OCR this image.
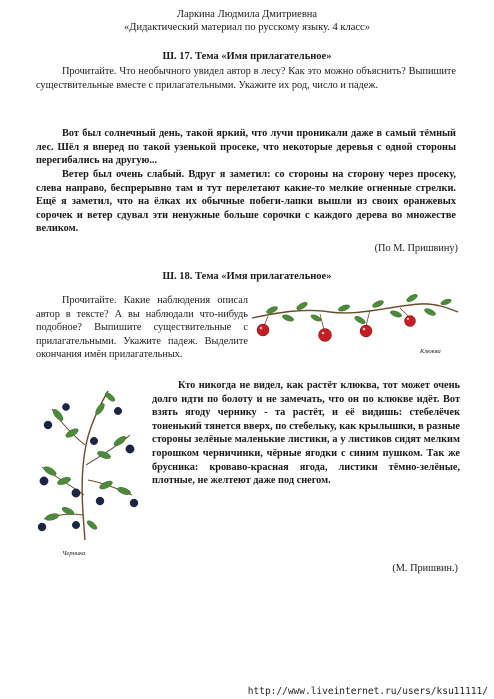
Ларкина Людмила Дмитриевна
«Дидактический материал по русскому языку. 4 класс»
Ш. 17. Тема «Имя прилагательное»
Прочитайте. Что необычного увидел автор в лесу? Как это можно объяснить? Выпишите существительные вместе с прилагательными. Укажите их род, число и падеж.
Вот был солнечный день, такой яркий, что лучи проникали даже в самый тёмный лес. Шёл я вперед по такой узенькой просеке, что некоторые деревья с одной стороны перегибались на другую...
Ветер был очень слабый. Вдруг я заметил: со стороны на сторону через просеку, слева направо, беспрерывно там и тут перелетают какие-то мелкие огненные стрелки. Ещё я заметил, что на ёлках их обычные побеги-лапки вышли из своих оранжевых сорочек и ветер сдувал эти ненужные больше сорочки с каждого дерева во множестве великом.
(По М. Пришвину)
Ш. 18. Тема «Имя прилагательное»
Прочитайте. Какие наблюдения описал автор в тексте? А вы наблюдали что-нибудь подобное? Выпишите существительные с прилагательными. Укажите падеж. Выделите окончания имён прилагательных.	Клюква
Черника
Кто никогда не видел, как растёт клюква, тот может очень долго идти по болоту и не замечать, что он по клюкве идёт. Вот взять ягоду чернику - та растёт, и её видишь: стебелёчек тоненький тянется вверх, по стебельку, как крылышки, в разные стороны зелёные маленькие листики, а у листиков сидят мелким горошком черничинки, чёрные ягодки с синим пушком. Так же брусника: кроваво-красная ягода, листики тёмно-зелёные, плотные, не желтеют даже под снегом.
(М. Пришвин.)
http://www.liveinternet.ru/users/ksu11111/
